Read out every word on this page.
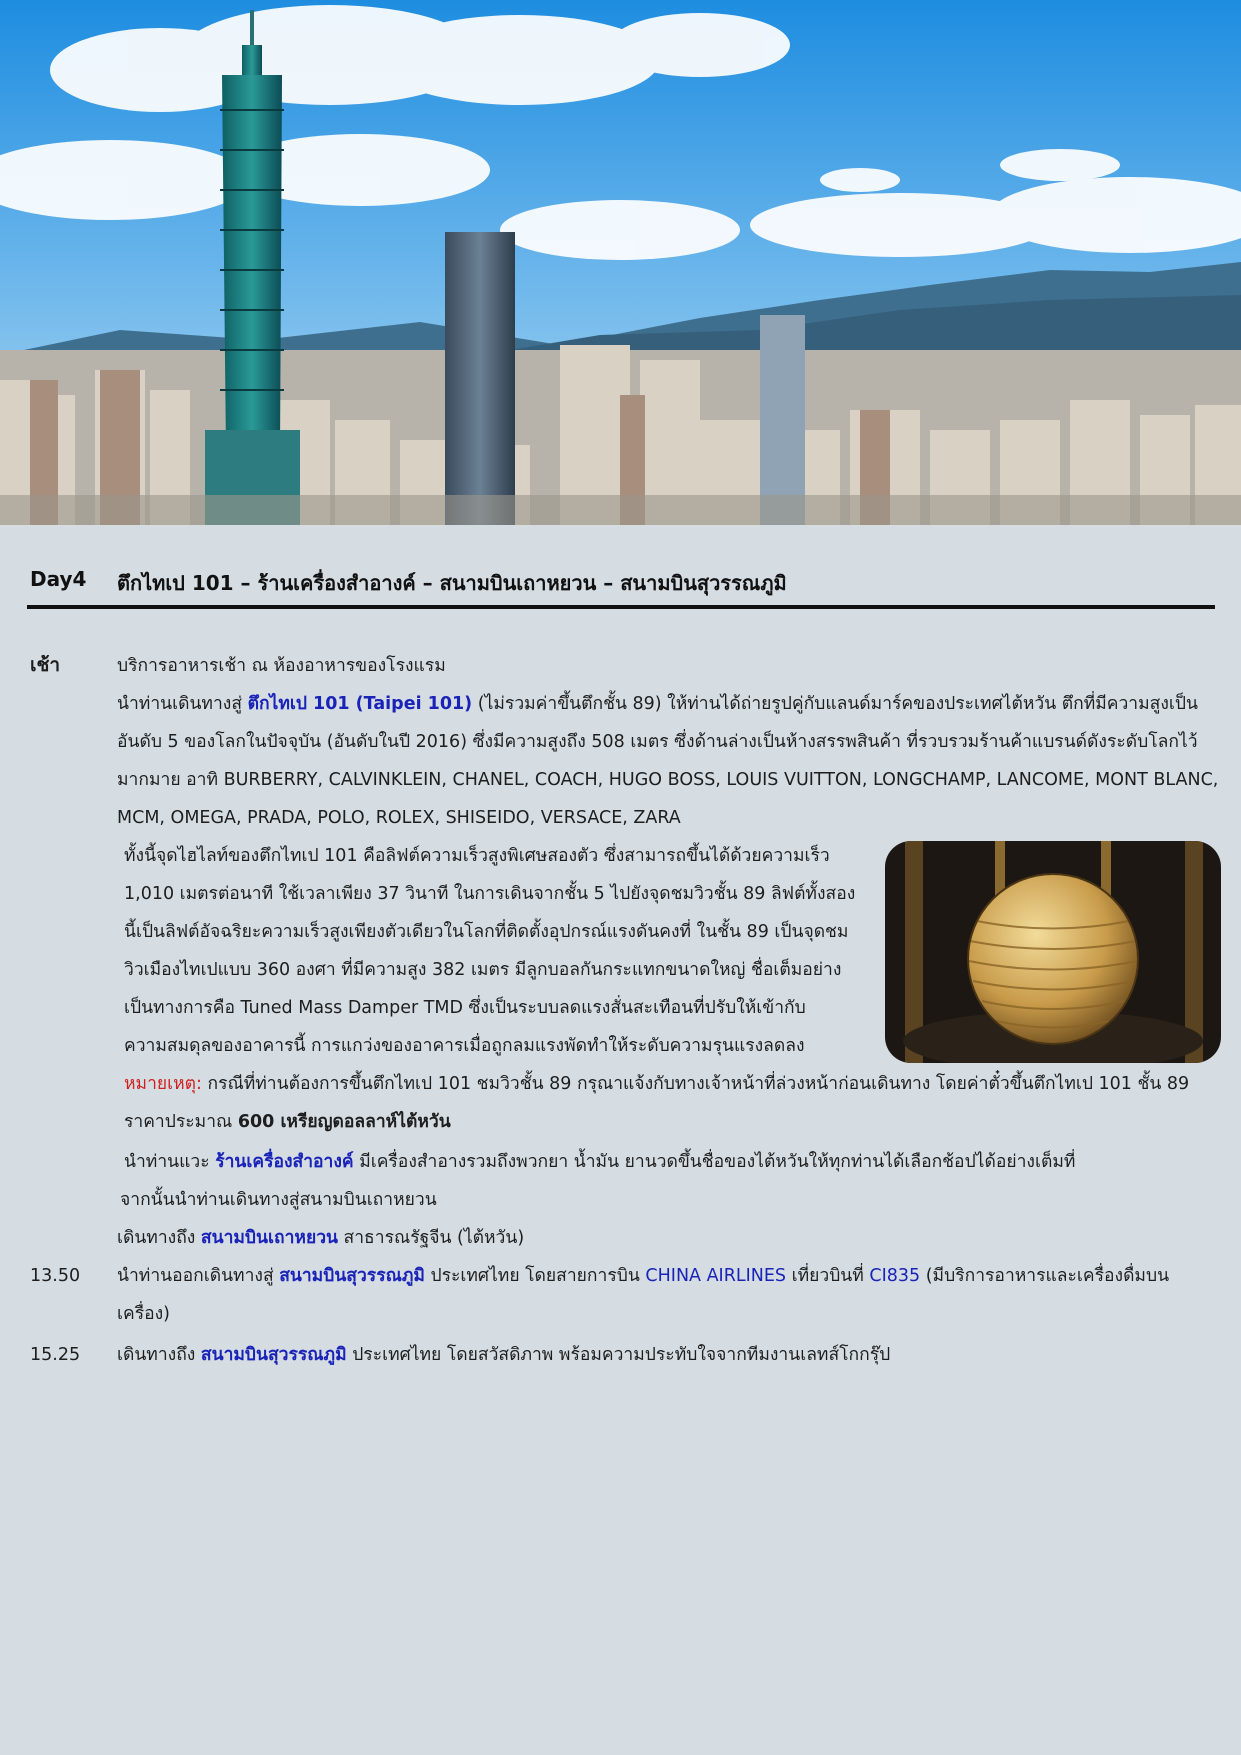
Day4 ตึกไทเป 101 – ร้านเครื่องสำอางค์ – สนามบินเถาหยวน – สนามบินสุวรรณภูมิ
เช้า	บริการอาหารเช้า ณ ห้องอาหารของโรงแรม
นำท่านเดินทางสู่ ตึกไทเป 101 (Taipei 101) (ไม่รวมค่าขึ้นตึกชั้น 89) ให้ท่านได้ถ่ายรูปคู่กับแลนด์มาร์คของประเทศไต้หวัน ตึกที่มีความสูงเป็น
อันดับ 5 ของโลกในปัจจุบัน (อันดับในปี 2016) ซึ่งมีความสูงถึง 508 เมตร ซึ่งด้านล่างเป็นห้างสรรพสินค้า ที่รวบรวมร้านค้าแบรนด์ดังระดับโลกไว้
มากมาย อาทิ BURBERRY, CALVINKLEIN, CHANEL, COACH, HUGO BOSS, LOUIS VUITTON, LONGCHAMP, LANCOME, MONT BLANC,
MCM, OMEGA, PRADA, POLO, ROLEX, SHISEIDO, VERSACE, ZARA
ทั้งนี้จุดไฮไลท์ของตึกไทเป 101 คือลิฟต์ความเร็วสูงพิเศษสองตัว ซึ่งสามารถขึ้นได้ด้วยความเร็ว
1,010 เมตรต่อนาที ใช้เวลาเพียง 37 วินาที ในการเดินจากชั้น 5 ไปยังจุดชมวิวชั้น 89 ลิฟต์ทั้งสอง
นี้เป็นลิฟต์อัจฉริยะความเร็วสูงเพียงตัวเดียวในโลกที่ติดตั้งอุปกรณ์แรงดันคงที่ ในชั้น 89 เป็นจุดชม
วิวเมืองไทเปแบบ 360 องศา ที่มีความสูง 382 เมตร มีลูกบอลกันกระแทกขนาดใหญ่ ชื่อเต็มอย่าง
เป็นทางการคือ Tuned Mass Damper TMD ซึ่งเป็นระบบลดแรงสั่นสะเทือนที่ปรับให้เข้ากับ
ความสมดุลของอาคารนี้ การแกว่งของอาคารเมื่อถูกลมแรงพัดทำให้ระดับความรุนแรงลดลง
หมายเหตุ: กรณีที่ท่านต้องการขึ้นตึกไทเป 101 ชมวิวชั้น 89 กรุณาแจ้งกับทางเจ้าหน้าที่ล่วงหน้าก่อนเดินทาง โดยค่าตั๋วขึ้นตึกไทเป 101 ชั้น 89
ราคาประมาณ 600 เหรียญดอลลาห์ไต้หวัน
นำท่านแวะ ร้านเครื่องสำอางค์ มีเครื่องสำอางรวมถึงพวกยา น้ำมัน ยานวดขึ้นชื่อของไต้หวันให้ทุกท่านได้เลือกช้อปได้อย่างเต็มที่
จากนั้นนำท่านเดินทางสู่สนามบินเถาหยวน
เดินทางถึง สนามบินเถาหยวน สาธารณรัฐจีน (ไต้หวัน)
13.50 นำท่านออกเดินทางสู่ สนามบินสุวรรณภูมิ ประเทศไทย โดยสายการบิน CHINA AIRLINES เที่ยวบินที่ CI835 (มีบริการอาหารและเครื่องดื่มบน
เครื่อง)
15.25 เดินทางถึง สนามบินสุวรรณภูมิ ประเทศไทย โดยสวัสดิภาพ พร้อมความประทับใจจากทีมงานเลทส์โกกรุ๊ป
